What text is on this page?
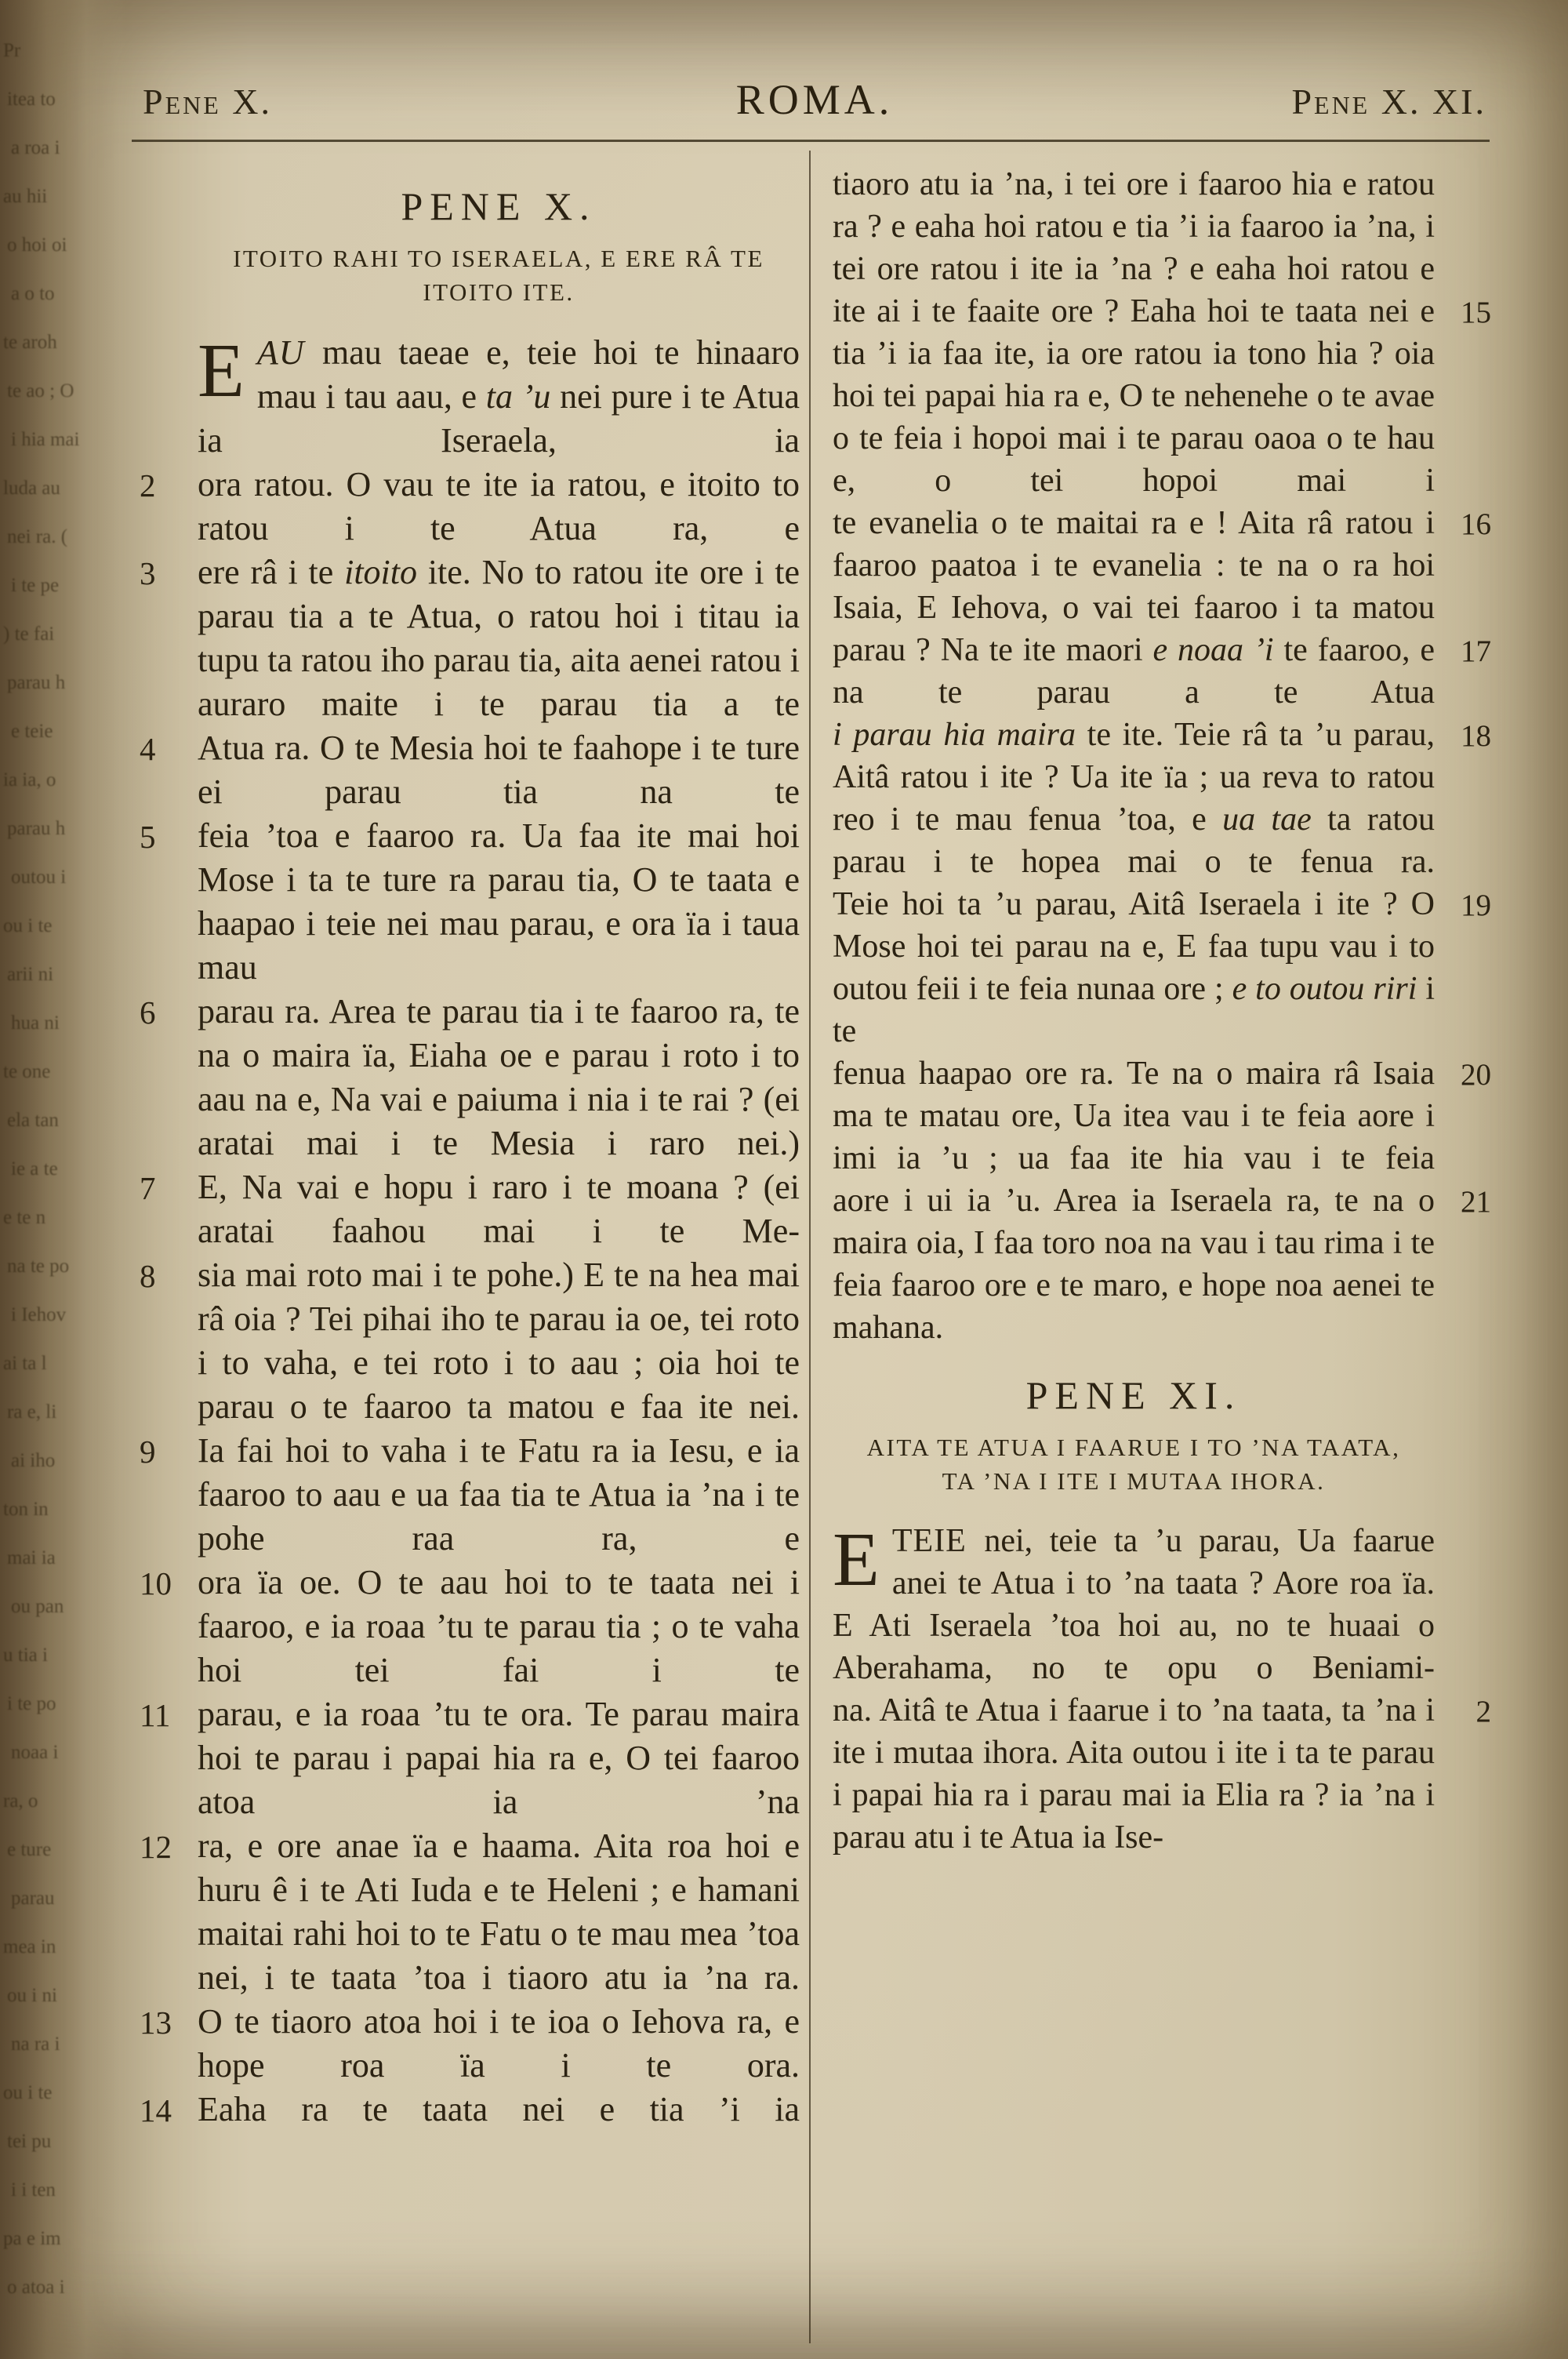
Pr
itea to
a roa i
au hii
o hoi oi
a o to
te aroh
te ao ; O
i hia mai
luda au
nei ra. (
i te pe
) te fai
parau h
e teie
ia ia, o
parau h
outou i
ou i te
arii ni
hua ni
te one
ela tan
ie a te
e te n
na te po
i Iehov
ai ta l
ra e, li
ai iho
ton in
mai ia
ou pan
u tia i
i te po
noaa i
ra, o
e ture
parau
mea in
ou i ni
na ra i
ou i te
tei pu
i i ten
pa e im
o atoa i
Pene X.	ROMA.	Pene X. XI.
PENE X.
ITOITO RAHI TO ISERAELA, E ERE RÂ TE ITOITO ITE.
EAU mau taeae e, teie hoi te hinaaro mau i tau aau, e ta ’u nei pure i te Atua ia Iseraela, ia
2 ora ratou. O vau te ite ia ratou, e itoito to ratou i te Atua ra, e
3 ere râ i te itoito ite. No to ratou ite ore i te parau tia a te Atua, o ratou hoi i titau ia tupu ta ratou iho parau tia, aita aenei ratou i auraro maite i te parau tia a te
4 Atua ra. O te Mesia hoi te faahope i te ture ei parau tia na te
5 feia ’toa e faaroo ra. Ua faa ite mai hoi Mose i ta te ture ra parau tia, O te taata e haapao i teie nei mau parau, e ora ïa i taua mau
6 parau ra. Area te parau tia i te faaroo ra, te na o maira ïa, Eiaha oe e parau i roto i to aau na e, Na vai e paiuma i nia i te rai ? (ei aratai mai i te Mesia i raro nei.)
7 E, Na vai e hopu i raro i te moana ? (ei aratai faahou mai i te Me-
8 sia mai roto mai i te pohe.) E te na hea mai râ oia ? Tei pihai iho te parau ia oe, tei roto i to vaha, e tei roto i to aau ; oia hoi te parau o te faaroo ta matou e faa ite nei.
9 Ia fai hoi to vaha i te Fatu ra ia Iesu, e ia faaroo to aau e ua faa tia te Atua ia ’na i te pohe raa ra, e
10 ora ïa oe. O te aau hoi to te taata nei i faaroo, e ia roaa ’tu te parau tia ; o te vaha hoi tei fai i te
11 parau, e ia roaa ’tu te ora. Te parau maira hoi te parau i papai hia ra e, O tei faaroo atoa ia ’na
12 ra, e ore anae ïa e haama. Aita roa hoi e huru ê i te Ati Iuda e te Heleni ; e hamani maitai rahi hoi to te Fatu o te mau mea ’toa nei, i te taata ’toa i tiaoro atu ia ’na ra.
13 O te tiaoro atoa hoi i te ioa o Iehova ra, e hope roa ïa i te ora.
14 Eaha ra te taata nei e tia ’i ia
tiaoro atu ia ’na, i tei ore i faaroo hia e ratou ra ? e eaha hoi ratou e tia ’i ia faaroo ia ’na, i tei ore ratou i ite ia ’na ? e eaha hoi ratou e
15
ite ai i te faaite ore ? Eaha hoi te taata nei e tia ’i ia faa ite, ia ore ratou ia tono hia ? oia hoi tei papai hia ra e, O te nehenehe o te avae o te feia i hopoi mai i te parau oaoa o te hau e, o tei hopoi mai i
16
te evanelia o te maitai ra e ! Aita râ ratou i faaroo paatoa i te evanelia : te na o ra hoi Isaia, E Iehova, o vai tei faaroo i ta matou
17
parau ? Na te ite maori e noaa ’i te faaroo, e na te parau a te Atua
18
i parau hia maira te ite. Teie râ ta ’u parau, Aitâ ratou i ite ? Ua ite ïa ; ua reva to ratou reo i te mau fenua ’toa, e ua tae ta ratou parau i te hopea mai o te fenua ra.
19
Teie hoi ta ’u parau, Aitâ Iseraela i ite ? O Mose hoi tei parau na e, E faa tupu vau i to outou feii i te feia nunaa ore ; e to outou riri i te
20
fenua haapao ore ra. Te na o maira râ Isaia ma te matau ore, Ua itea vau i te feia aore i imi ia ’u ; ua faa ite hia vau i te feia
21
aore i ui ia ’u. Area ia Iseraela ra, te na o maira oia, I faa toro noa na vau i tau rima i te feia faaroo ore e te maro, e hope noa aenei te mahana.
PENE XI.
AITA TE ATUA I FAARUE I TO ’NA TAATA, TA ’NA I ITE I MUTAA IHORA.
ETEIE nei, teie ta ’u parau, Ua faarue anei te Atua i to ’na taata ? Aore roa ïa. E Ati Iseraela ’toa hoi au, no te huaai o Aberahama, no te opu o Beniami-
2
na. Aitâ te Atua i faarue i to ’na taata, ta ’na i ite i mutaa ihora. Aita outou i ite i ta te parau i papai hia ra i parau mai ia Elia ra ? ia ’na i parau atu i te Atua ia Ise-
